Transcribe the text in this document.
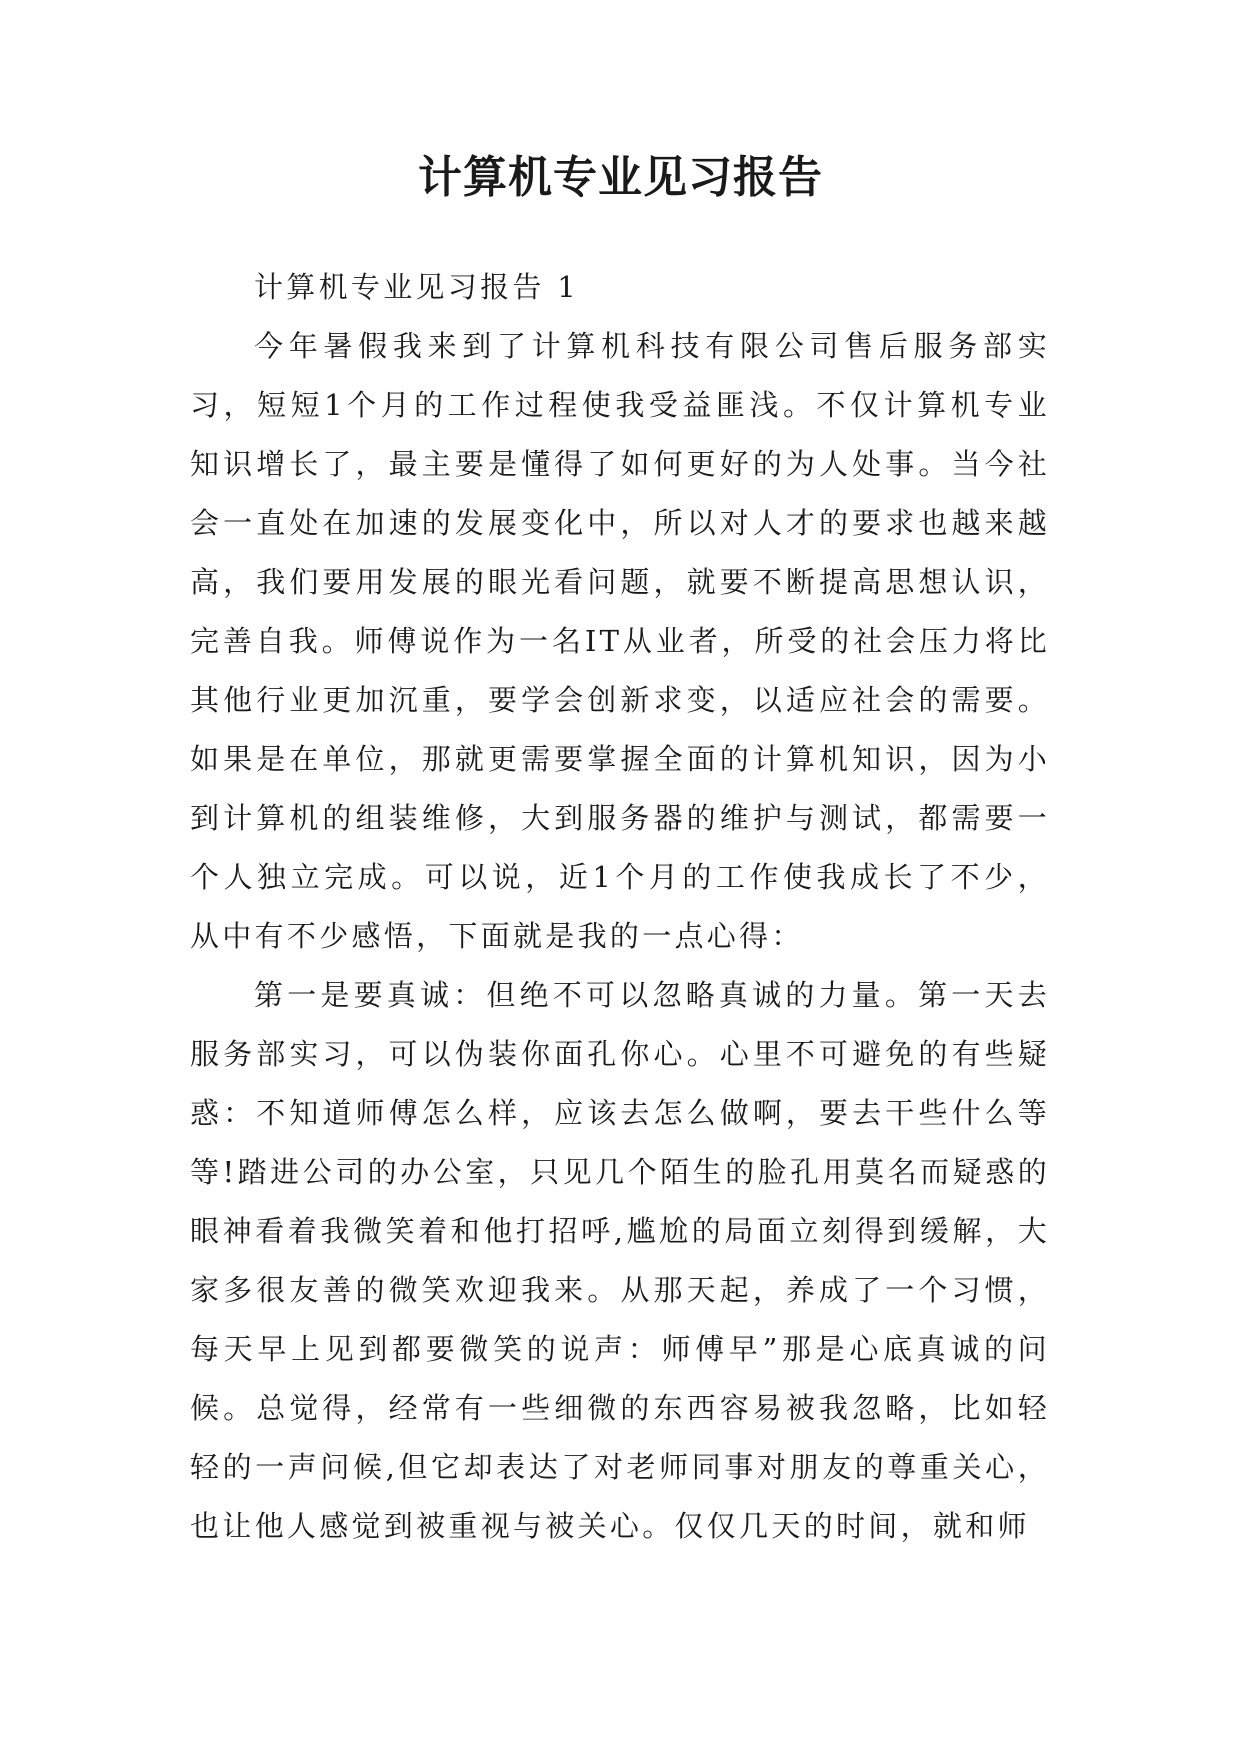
计算机专业见习报告

计算机专业见习报告 1

今年暑假我来到了计算机科技有限公司售后服务部实习，短短1个月的工作过程使我受益匪浅。不仅计算机专业知识增长了，最主要是懂得了如何更好的为人处事。当今社会一直处在加速的发展变化中，所以对人才的要求也越来越高，我们要用发展的眼光看问题，就要不断提高思想认识，完善自我。师傅说作为一名IT从业者，所受的社会压力将比其他行业更加沉重，要学会创新求变，以适应社会的需要。如果是在单位，那就更需要掌握全面的计算机知识，因为小到计算机的组装维修，大到服务器的维护与测试，都需要一个人独立完成。可以说，近1个月的工作使我成长了不少，从中有不少感悟，下面就是我的一点心得：

第一是要真诚：但绝不可以忽略真诚的力量。第一天去服务部实习，可以伪装你面孔你心。心里不可避免的有些疑惑：不知道师傅怎么样，应该去怎么做啊，要去干些什么等等!踏进公司的办公室，只见几个陌生的脸孔用莫名而疑惑的眼神看着我微笑着和他打招呼,尴尬的局面立刻得到缓解，大家多很友善的微笑欢迎我来。从那天起，养成了一个习惯，每天早上见到都要微笑的说声：师傅早”那是心底真诚的问候。总觉得，经常有一些细微的东西容易被我忽略，比如轻轻的一声问候,但它却表达了对老师同事对朋友的尊重关心，也让他人感觉到被重视与被关心。仅仅几天的时间，就和师
